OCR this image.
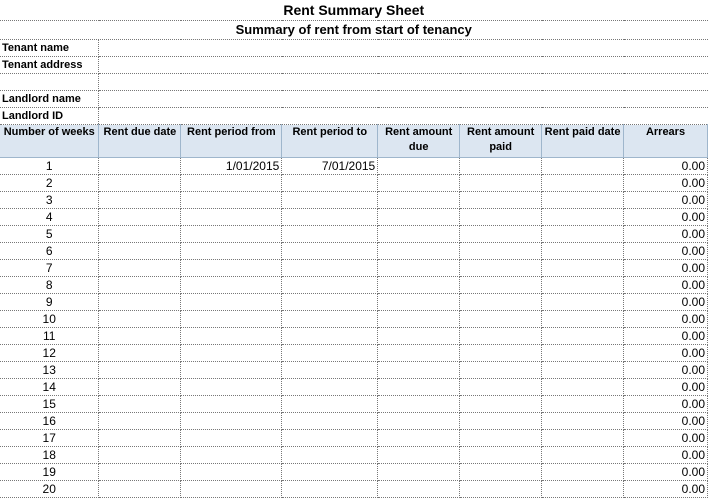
Rent Summary Sheet							
Summary of rent from start of tenancy							
Tenant name							
Tenant address							

Landlord name							
Landlord ID							
Number of weeks	Rent due date	Rent period from	Rent period to	Rent amount due	Rent amount paid	Rent paid date	Arrears
1		1/01/2015	7/01/2015				0.00
2							0.00
3							0.00
4							0.00
5							0.00
6							0.00
7							0.00
8							0.00
9							0.00
10							0.00
11							0.00
12							0.00
13							0.00
14							0.00
15							0.00
16							0.00
17							0.00
18							0.00
19							0.00
20							0.00
